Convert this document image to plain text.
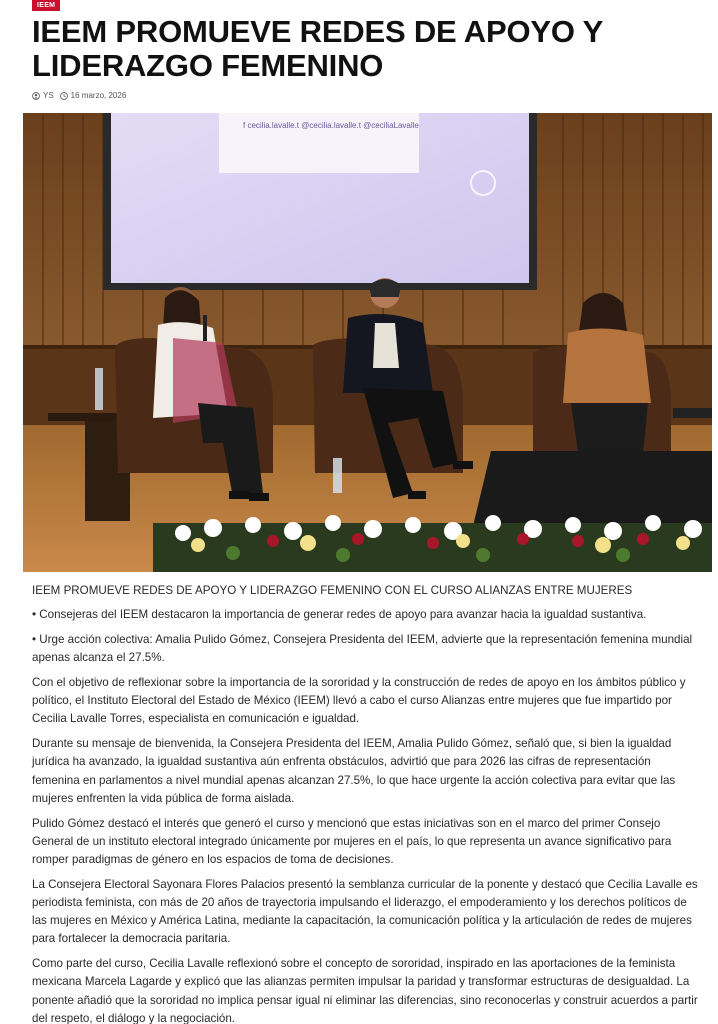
IEEM
IEEM PROMUEVE REDES DE APOYO Y LIDERAZGO FEMENINO
YS 16 marzo, 2026
f cecilia.lavalle.t @cecilia.lavalle.t @ceciliaLavalle

IEEM PROMUEVE REDES DE APOYO Y LIDERAZGO FEMENINO CON EL CURSO ALIANZAS ENTRE MUJERES

• Consejeras del IEEM destacaron la importancia de generar redes de apoyo para avanzar hacia la igualdad sustantiva.

• Urge acción colectiva: Amalia Pulido Gómez, Consejera Presidenta del IEEM, advierte que la representación femenina mundial apenas alcanza el 27.5%.

Con el objetivo de reflexionar sobre la importancia de la sororidad y la construcción de redes de apoyo en los ámbitos público y político, el Instituto Electoral del Estado de México (IEEM) llevó a cabo el curso Alianzas entre mujeres que fue impartido por Cecilia Lavalle Torres, especialista en comunicación e igualdad.

Durante su mensaje de bienvenida, la Consejera Presidenta del IEEM, Amalia Pulido Gómez, señaló que, si bien la igualdad jurídica ha avanzado, la igualdad sustantiva aún enfrenta obstáculos, advirtió que para 2026 las cifras de representación femenina en parlamentos a nivel mundial apenas alcanzan 27.5%, lo que hace urgente la acción colectiva para evitar que las mujeres enfrenten la vida pública de forma aislada.

Pulido Gómez destacó el interés que generó el curso y mencionó que estas iniciativas son en el marco del primer Consejo General de un instituto electoral integrado únicamente por mujeres en el país, lo que representa un avance significativo para romper paradigmas de género en los espacios de toma de decisiones.

La Consejera Electoral Sayonara Flores Palacios presentó la semblanza curricular de la ponente y destacó que Cecilia Lavalle es periodista feminista, con más de 20 años de trayectoria impulsando el liderazgo, el empoderamiento y los derechos políticos de las mujeres en México y América Latina, mediante la capacitación, la comunicación política y la articulación de redes de mujeres para fortalecer la democracia paritaria.

Como parte del curso, Cecilia Lavalle reflexionó sobre el concepto de sororidad, inspirado en las aportaciones de la feminista mexicana Marcela Lagarde y explicó que las alianzas permiten impulsar la paridad y transformar estructuras de desigualdad. La ponente añadió que la sororidad no implica pensar igual ni eliminar las diferencias, sino reconocerlas y construir acuerdos a partir del respeto, el diálogo y la negociación.
